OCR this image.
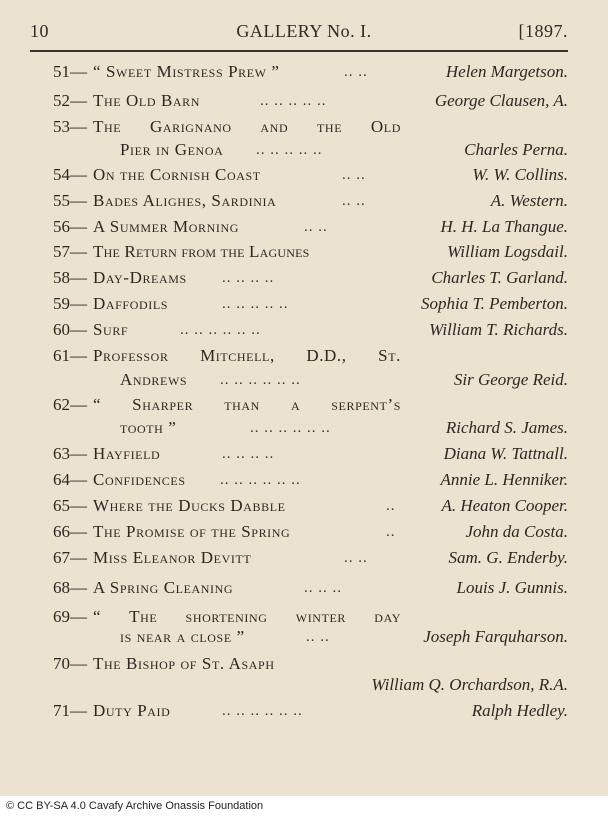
10	GALLERY No. I.	[1897.
51— “ Sweet Mistress Prew ”	.. ..	Helen Margetson.
52— The Old Barn	.. .. .. .. ..	George Clausen, A.
53— The Garignano and the Old
Pier in Genoa .. .. .. .. ..	Charles Perna.
54— On the Cornish Coast	.. ..	W. W. Collins.
55— Bades Alighes, Sardinia	.. ..	A. Western.
56— A Summer Morning	.. ..	H. H. La Thangue.
57— The Return from the Lagunes	William Logsdail.
58— Day-Dreams .. .. .. ..	Charles T. Garland.
59— Daffodils	.. .. .. .. ..	Sophia T. Pemberton.
60— Surf	.. .. .. .. .. ..	William T. Richards.
61— Professor Mitchell, D.D., St.
Andrews .. .. .. .. .. ..	Sir George Reid.
62— “ Sharper than a serpent’s
tooth ”	.. .. .. .. .. ..	Richard S. James.
63— Hayfield	.. .. .. ..	Diana W. Tattnall.
64— Confidences .. .. .. .. .. ..	Annie L. Henniker.
65— Where the Ducks Dabble	..	A. Heaton Cooper.
66— The Promise of the Spring	..	John da Costa.
67— Miss Eleanor Devitt	.. ..	Sam. G. Enderby.
68— A Spring Cleaning	.. .. ..	Louis J. Gunnis.
69— “ The shortening winter day
is near a close ”	.. ..	Joseph Farquharson.
70— The Bishop of St. Asaph
William Q. Orchardson, R.A.
71— Duty Paid	.. .. .. .. .. ..	Ralph Hedley.
© CC BY-SA 4.0 Cavafy Archive Onassis Foundation
